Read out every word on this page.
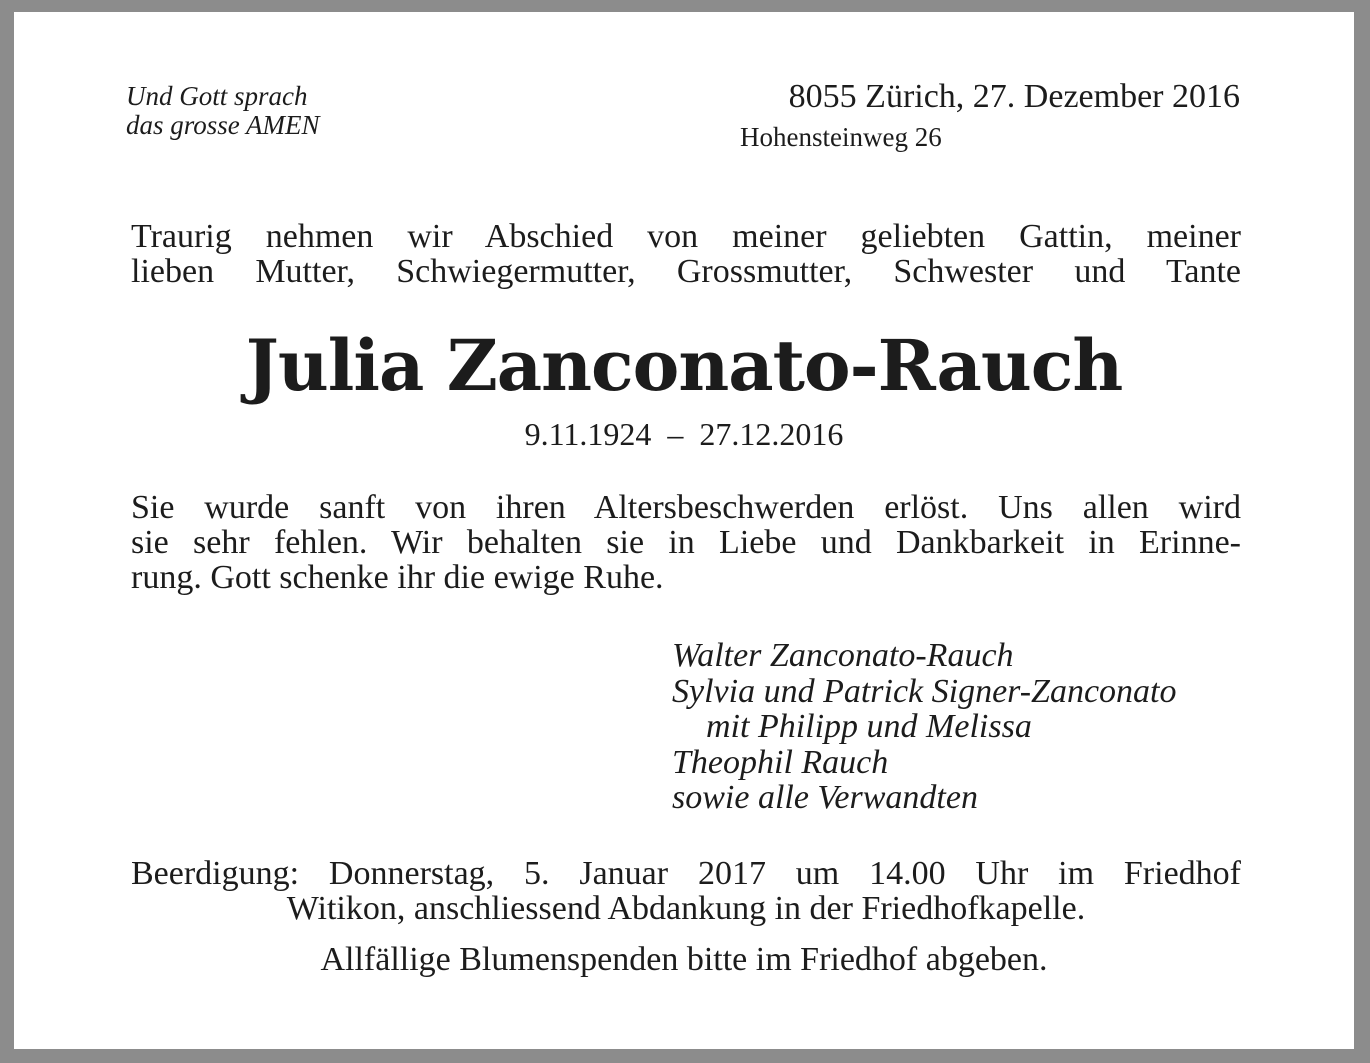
Und Gott sprach
das grosse AMEN
8055 Zürich, 27. Dezember 2016
Hohensteinweg 26
Traurig nehmen wir Abschied von meiner geliebten Gattin, meiner
lieben Mutter, Schwiegermutter, Grossmutter, Schwester und Tante
Julia Zanconato-Rauch
9.11.1924  –  27.12.2016
Sie wurde sanft von ihren Altersbeschwerden erlöst. Uns allen wird
sie sehr fehlen. Wir behalten sie in Liebe und Dankbarkeit in Erinne-
rung. Gott schenke ihr die ewige Ruhe.
Walter Zanconato-Rauch
Sylvia und Patrick Signer-Zanconato
mit Philipp und Melissa
Theophil Rauch
sowie alle Verwandten
Beerdigung: Donnerstag, 5. Januar 2017 um 14.00 Uhr im Friedhof
Witikon, anschliessend Abdankung in der Friedhofkapelle.
Allfällige Blumenspenden bitte im Friedhof abgeben.
